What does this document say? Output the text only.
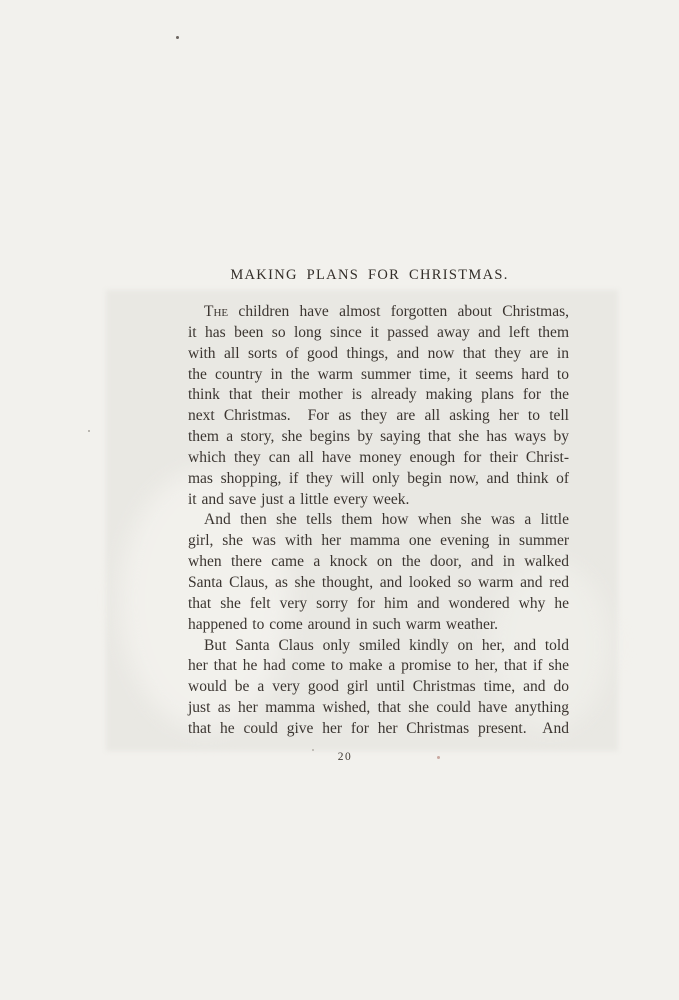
MAKING PLANS FOR CHRISTMAS.
The children have almost forgotten about Christmas,
it has been so long since it passed away and left them
with all sorts of good things, and now that they are in
the country in the warm summer time, it seems hard to
think that their mother is already making plans for the
next Christmas.  For as they are all asking her to tell
them a story, she begins by saying that she has ways by
which they can all have money enough for their Christ-
mas shopping, if they will only begin now, and think of
it and save just a little every week.
And then she tells them how when she was a little
girl, she was with her mamma one evening in summer
when there came a knock on the door, and in walked
Santa Claus, as she thought, and looked so warm and red
that she felt very sorry for him and wondered why he
happened to come around in such warm weather.
But Santa Claus only smiled kindly on her, and told
her that he had come to make a promise to her, that if she
would be a very good girl until Christmas time, and do
just as her mamma wished, that she could have anything
that he could give her for her Christmas present.  And
20
